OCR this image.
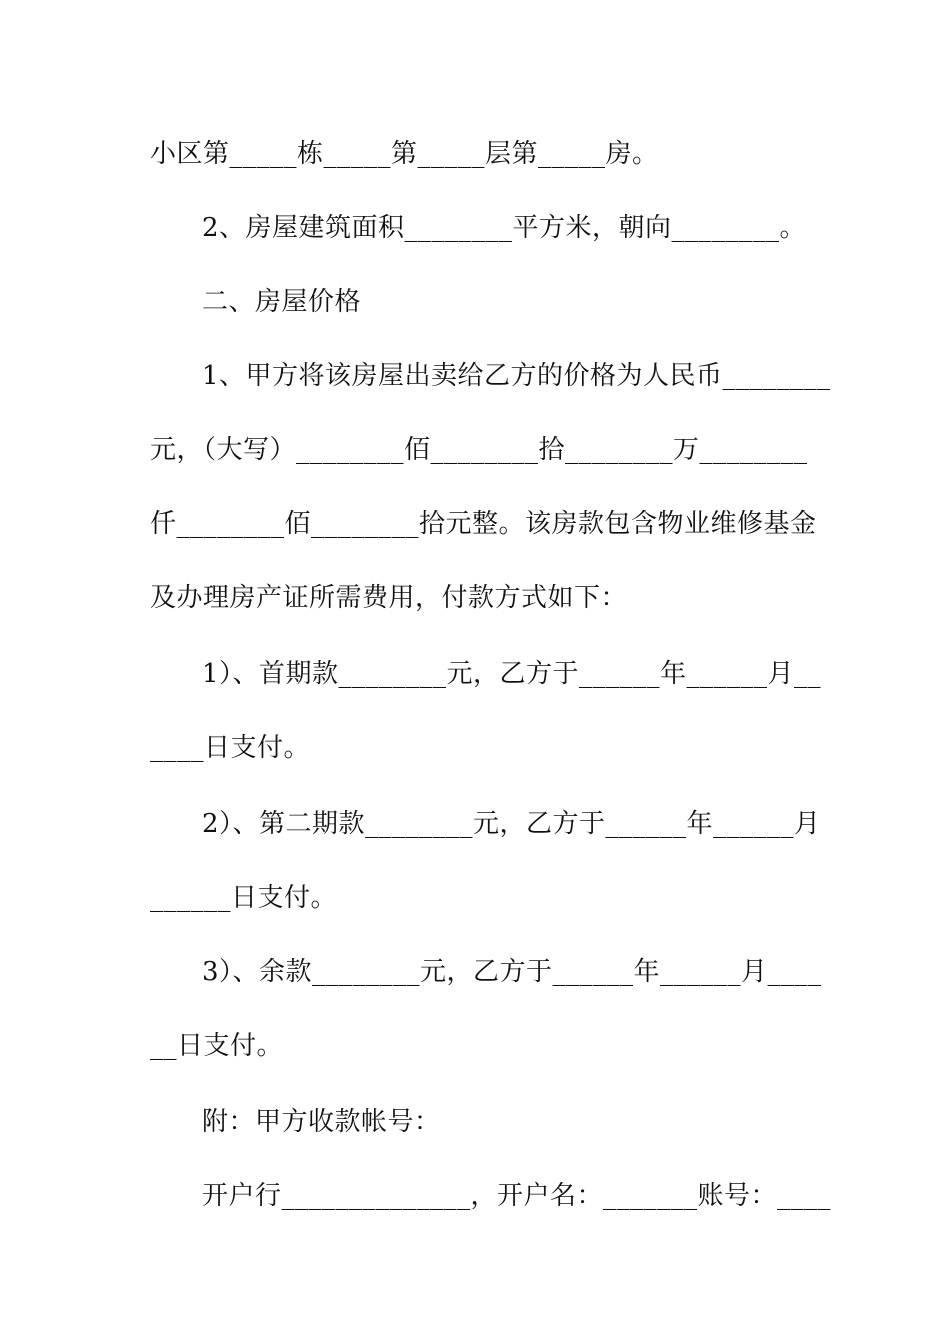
小区第_____栋_____第_____层第_____房。
2、房屋建筑面积________平方米，朝向________。
二、房屋价格
1、甲方将该房屋出卖给乙方的价格为人民币________
元，（大写）________佰________拾________万________
仟________佰________拾元整。该房款包含物业维修基金
及办理房产证所需费用，付款方式如下：
1）、首期款________元，乙方于______年______月__
____日支付。
2）、第二期款________元，乙方于______年______月
______日支付。
3）、余款________元，乙方于______年______月____
__日支付。
附：甲方收款帐号：
开户行______________，开户名：_______账号：____
